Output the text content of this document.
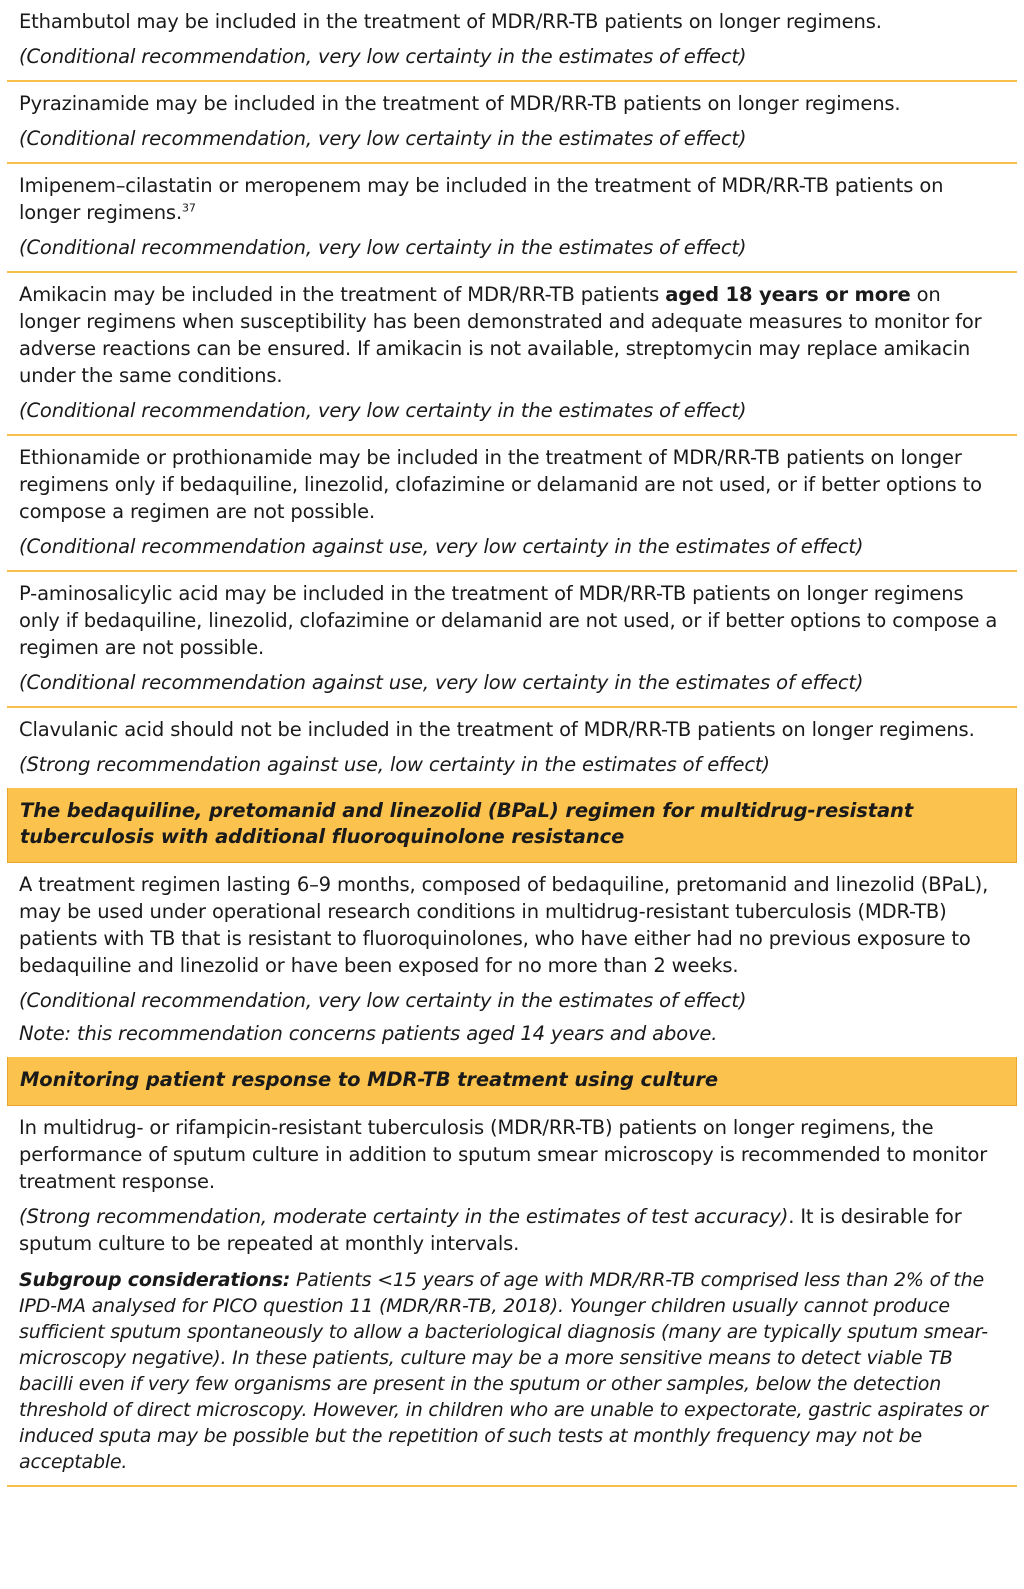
Ethambutol may be included in the treatment of MDR/RR-TB patients on longer regimens.

(Conditional recommendation, very low certainty in the estimates of effect)

Pyrazinamide may be included in the treatment of MDR/RR-TB patients on longer regimens.

(Conditional recommendation, very low certainty in the estimates of effect)

Imipenem–cilastatin or meropenem may be included in the treatment of MDR/RR-TB patients on longer regimens.$^{37}$

(Conditional recommendation, very low certainty in the estimates of effect)

Amikacin may be included in the treatment of MDR/RR-TB patients aged 18 years or more on longer regimens when susceptibility has been demonstrated and adequate measures to monitor for adverse reactions can be ensured. If amikacin is not available, streptomycin may replace amikacin under the same conditions.

(Conditional recommendation, very low certainty in the estimates of effect)

Ethionamide or prothionamide may be included in the treatment of MDR/RR-TB patients on longer regimens only if bedaquiline, linezolid, clofazimine or delamanid are not used, or if better options to compose a regimen are not possible.

(Conditional recommendation against use, very low certainty in the estimates of effect)

P-aminosalicylic acid may be included in the treatment of MDR/RR-TB patients on longer regimens only if bedaquiline, linezolid, clofazimine or delamanid are not used, or if better options to compose a regimen are not possible.

(Conditional recommendation against use, very low certainty in the estimates of effect)

Clavulanic acid should not be included in the treatment of MDR/RR-TB patients on longer regimens.

(Strong recommendation against use, low certainty in the estimates of effect)

The bedaquiline, pretomanid and linezolid (BPaL) regimen for multidrug-resistant tuberculosis with additional fluoroquinolone resistance

A treatment regimen lasting 6–9 months, composed of bedaquiline, pretomanid and linezolid (BPaL), may be used under operational research conditions in multidrug-resistant tuberculosis (MDR-TB) patients with TB that is resistant to fluoroquinolones, who have either had no previous exposure to bedaquiline and linezolid or have been exposed for no more than 2 weeks.

(Conditional recommendation, very low certainty in the estimates of effect)

Note: this recommendation concerns patients aged 14 years and above.

Monitoring patient response to MDR-TB treatment using culture

In multidrug- or rifampicin-resistant tuberculosis (MDR/RR-TB) patients on longer regimens, the performance of sputum culture in addition to sputum smear microscopy is recommended to monitor treatment response.

(Strong recommendation, moderate certainty in the estimates of test accuracy). It is desirable for sputum culture to be repeated at monthly intervals.

Subgroup considerations: Patients <15 years of age with MDR/RR-TB comprised less than 2% of the IPD-MA analysed for PICO question 11 (MDR/RR-TB, 2018). Younger children usually cannot produce sufficient sputum spontaneously to allow a bacteriological diagnosis (many are typically sputum smear-microscopy negative). In these patients, culture may be a more sensitive means to detect viable TB bacilli even if very few organisms are present in the sputum or other samples, below the detection threshold of direct microscopy. However, in children who are unable to expectorate, gastric aspirates or induced sputa may be possible but the repetition of such tests at monthly frequency may not be acceptable.
